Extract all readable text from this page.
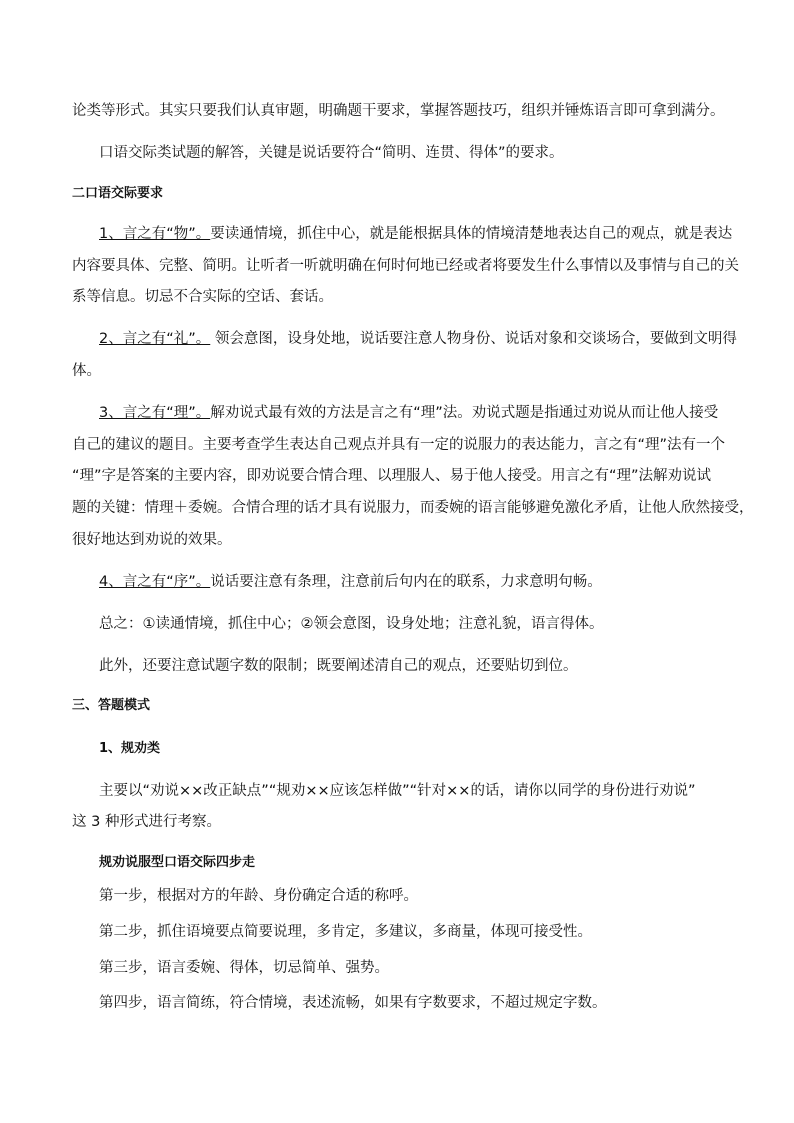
论类等形式。其实只要我们认真审题，明确题干要求，掌握答题技巧，组织并锤炼语言即可拿到满分。
口语交际类试题的解答，关键是说话要符合“简明、连贯、得体”的要求。
二口语交际要求
1、言之有“物”。要读通情境，抓住中心，就是能根据具体的情境清楚地表达自己的观点，就是表达
内容要具体、完整、简明。让听者一听就明确在何时何地已经或者将要发生什么事情以及事情与自己的关
系等信息。切忌不合实际的空话、套话。
2、言之有“礼”。 领会意图，设身处地，说话要注意人物身份、说话对象和交谈场合，要做到文明得
体。
3、言之有“理”。解劝说式最有效的方法是言之有“理”法。劝说式题是指通过劝说从而让他人接受
自己的建议的题目。主要考查学生表达自己观点并具有一定的说服力的表达能力，言之有“理”法有一个
“理”字是答案的主要内容，即劝说要合情合理、以理服人、易于他人接受。用言之有“理”法解劝说试
题的关键：情理＋委婉。合情合理的话才具有说服力，而委婉的语言能够避免激化矛盾，让他人欣然接受，
很好地达到劝说的效果。
4、言之有“序”。说话要注意有条理，注意前后句内在的联系，力求意明句畅。
总之：①读通情境，抓住中心；②领会意图，设身处地；注意礼貌，语言得体。
此外，还要注意试题字数的限制；既要阐述清自己的观点，还要贴切到位。
三、答题模式
1、规劝类
主要以“劝说××改正缺点”“规劝××应该怎样做”“针对××的话，请你以同学的身份进行劝说”
这 3 种形式进行考察。
规劝说服型口语交际四步走
第一步，根据对方的年龄、身份确定合适的称呼。
第二步，抓住语境要点简要说理，多肯定，多建议，多商量，体现可接受性。
第三步，语言委婉、得体，切忌简单、强势。
第四步，语言简练，符合情境，表述流畅，如果有字数要求，不超过规定字数。
